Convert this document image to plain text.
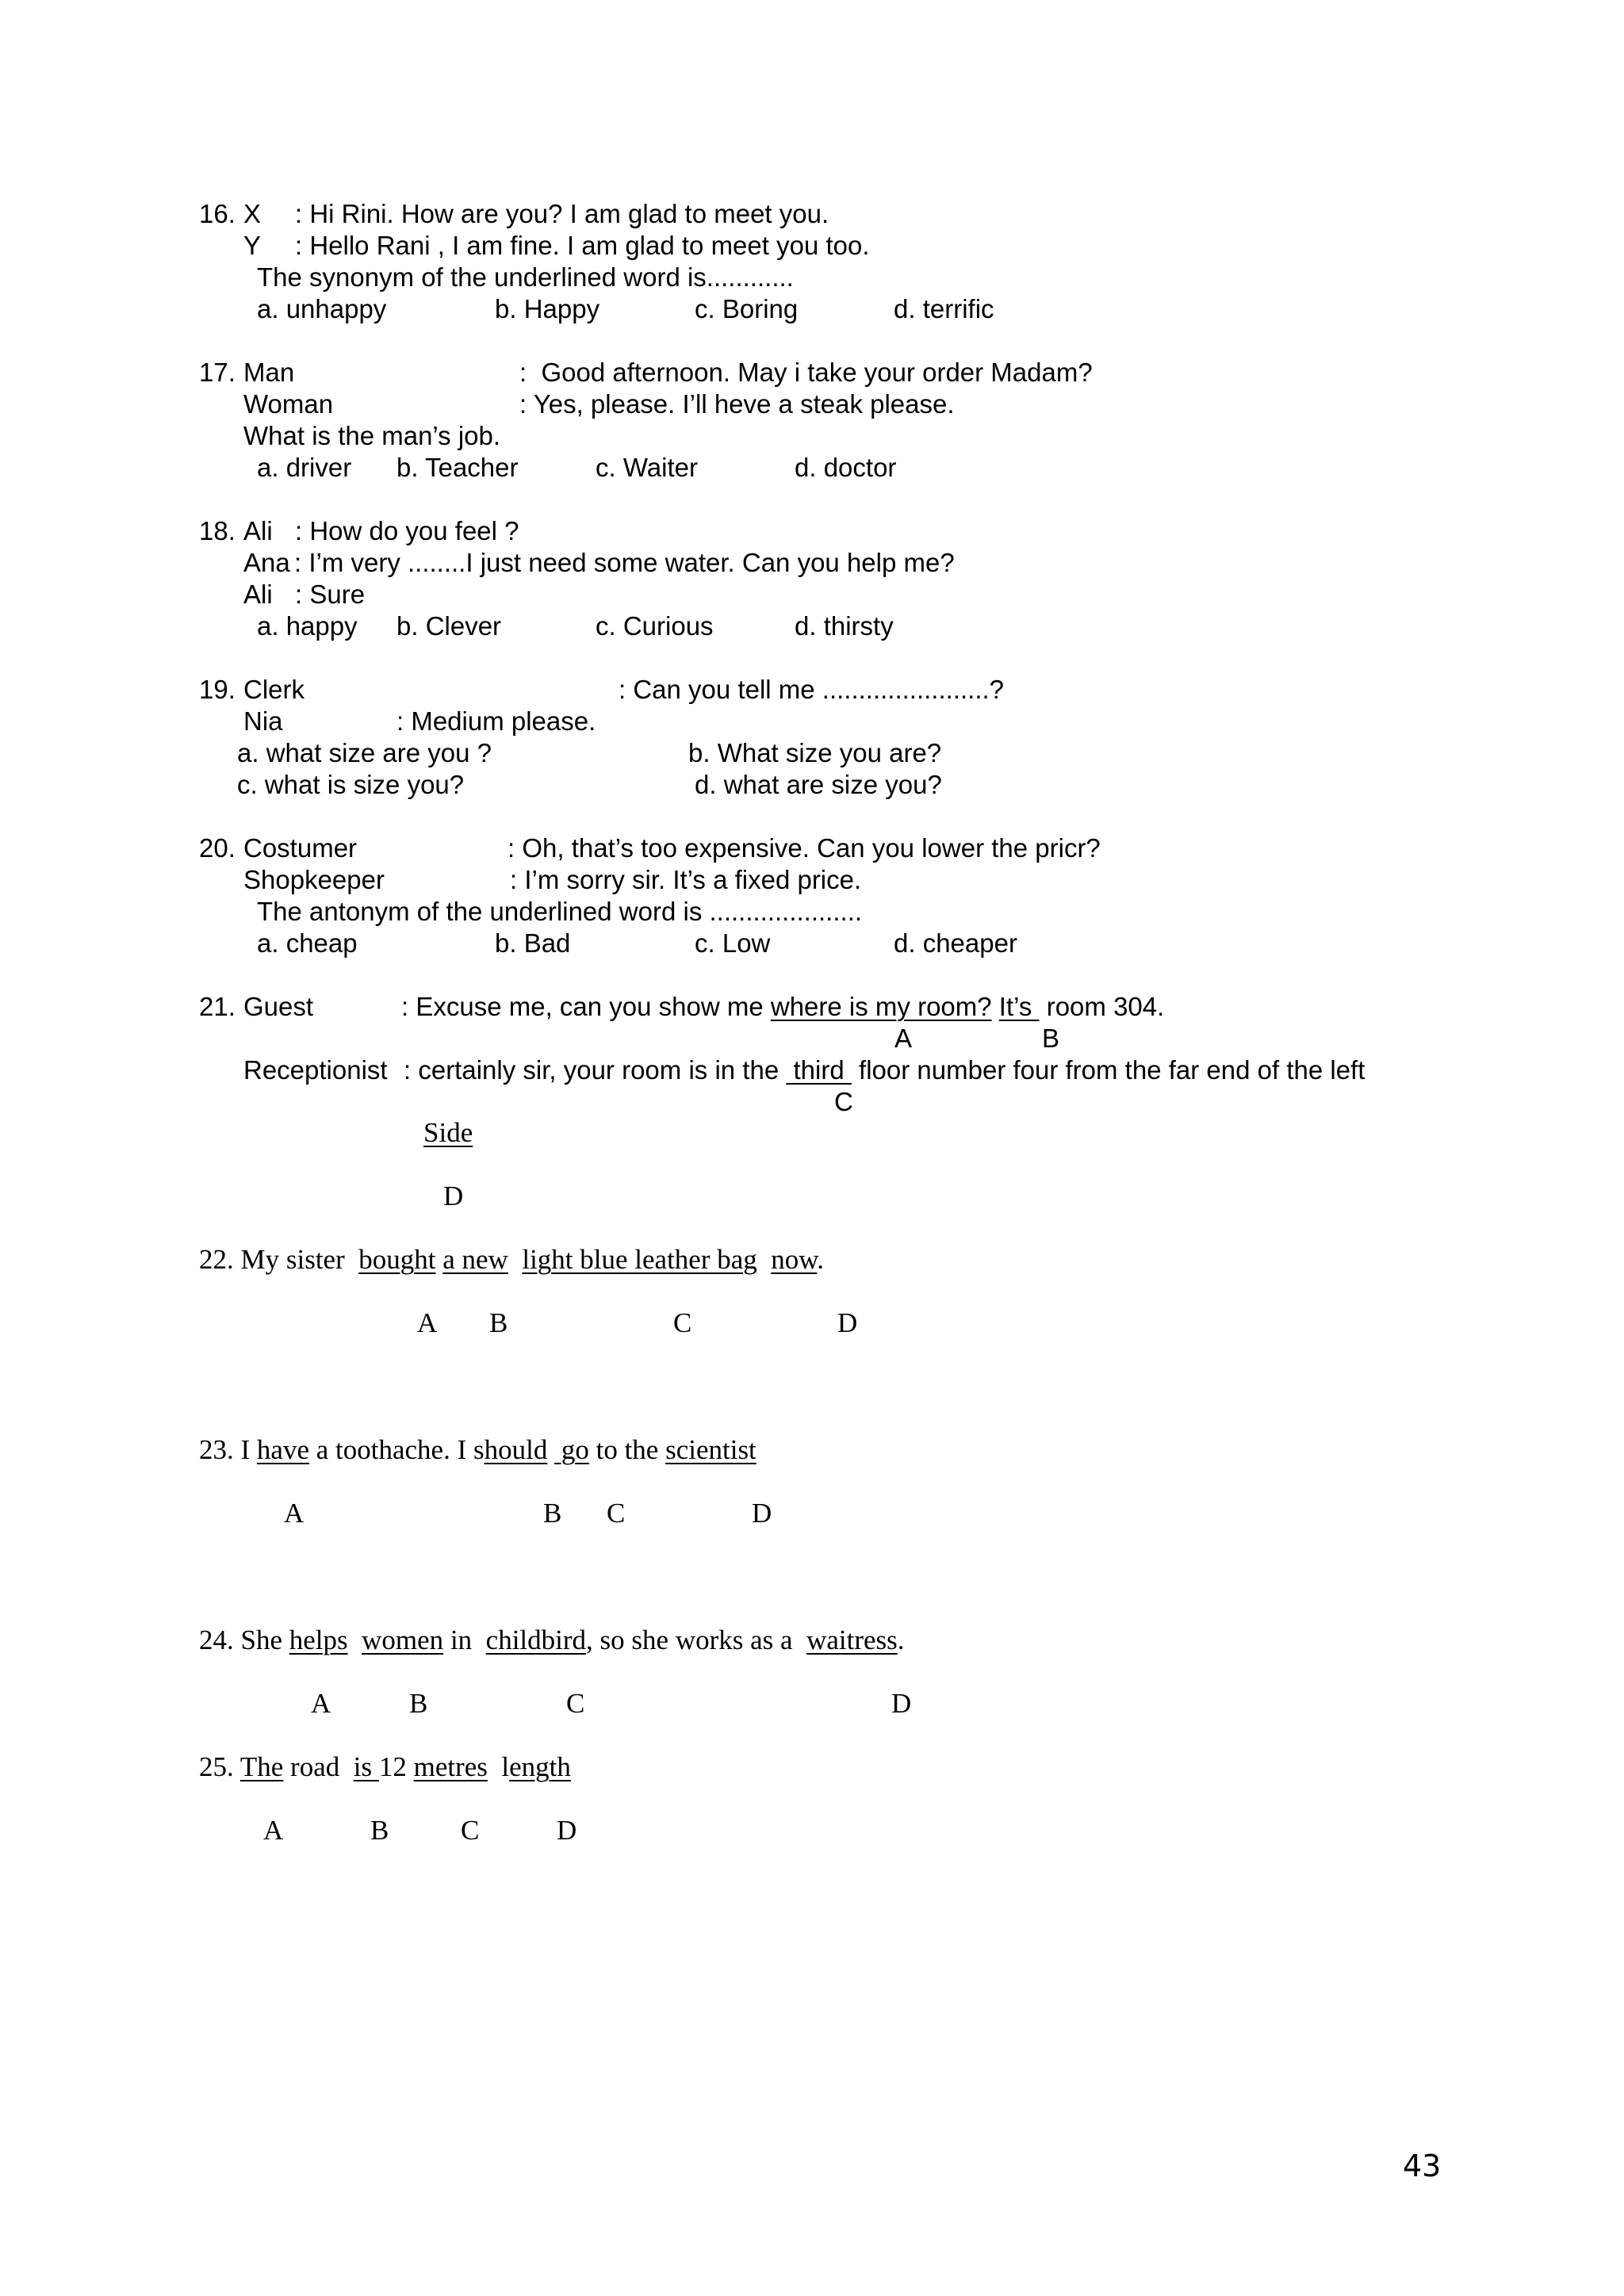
16. X : Hi Rini. How are you? I am glad to meet you.
Y : Hello Rani , I am fine. I am glad to meet you too.
The synonym of the underlined word is............
a. unhappy	b. Happy	c. Boring	d. terrific
17. Man	:  Good afternoon. May i take your order Madam?
Woman	: Yes, please. I’ll heve a steak please.
What is the man’s job.
a. driver b. Teacher	c. Waiter	d. doctor
18. Ali : How do you feel ?
Ana : I’m very ........I just need some water. Can you help me?
Ali : Sure
a. happy b. Clever	c. Curious	d. thirsty
19. Clerk	: Can you tell me .......................?
Nia	: Medium please.
a. what size are you ?	b. What size you are?
c. what is size you?	d. what are size you?
20. Costumer	: Oh, that’s too expensive. Can you lower the pricr?
Shopkeeper	: I’m sorry sir. It’s a fixed price.
The antonym of the underlined word is .....................
a. cheap	b. Bad	c. Low	d. cheaper
21. Guest	: Excuse me, can you show me where is my room? It’s  room 304.
A	B
Receptionist : certainly sir, your room is in the  third  floor number four from the far end of the left
C
Side
D
22. My sister  bought a new light blue leather bag now.
A B	C	D
23. I have a toothache. I should  go to the scientist
A	B C	D
24. She helps women in  childbird, so she works as a  waitress.
A	B	C	D
25. The road  is 12 metres  length
A	B	C	D
43
